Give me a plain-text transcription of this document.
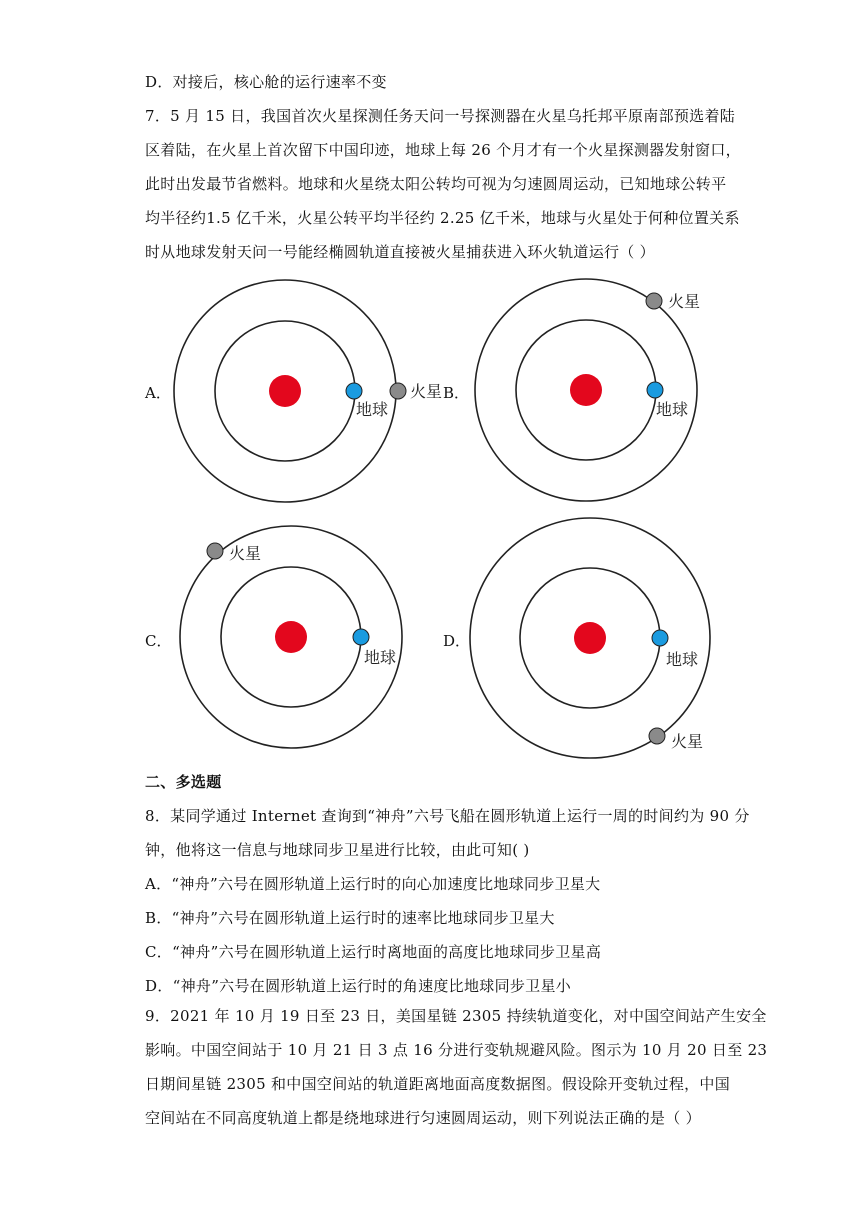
D．对接后，核心舱的运行速率不变
7．5 月 15 日，我国首次火星探测任务天问一号探测器在火星乌托邦平原南部预选着陆
区着陆，在火星上首次留下中国印迹，地球上每 26 个月才有一个火星探测器发射窗口，
此时出发最节省燃料。地球和火星绕太阳公转均可视为匀速圆周运动，已知地球公转平
均半径约1.5 亿千米，火星公转平均半径约 2.25 亿千米，地球与火星处于何种位置关系
时从地球发射天问一号能经椭圆轨道直接被火星捕获进入环火轨道运行（ ）
A．
地球
火星 B．
地球
火星
C．
地球
火星
D．
地球
火星
二、多选题
8．某同学通过 Internet 查询到“神舟”六号飞船在圆形轨道上运行一周的时间约为 90 分
钟，他将这一信息与地球同步卫星进行比较，由此可知( )
A．“神舟”六号在圆形轨道上运行时的向心加速度比地球同步卫星大
B．“神舟”六号在圆形轨道上运行时的速率比地球同步卫星大
C．“神舟”六号在圆形轨道上运行时离地面的高度比地球同步卫星高
D．“神舟”六号在圆形轨道上运行时的角速度比地球同步卫星小
9．2021 年 10 月 19 日至 23 日，美国星链 2305 持续轨道变化，对中国空间站产生安全
影响。中国空间站于 10 月 21 日 3 点 16 分进行变轨规避风险。图示为 10 月 20 日至 23
日期间星链 2305 和中国空间站的轨道距离地面高度数据图。假设除开变轨过程，中国
空间站在不同高度轨道上都是绕地球进行匀速圆周运动，则下列说法正确的是（ ）
